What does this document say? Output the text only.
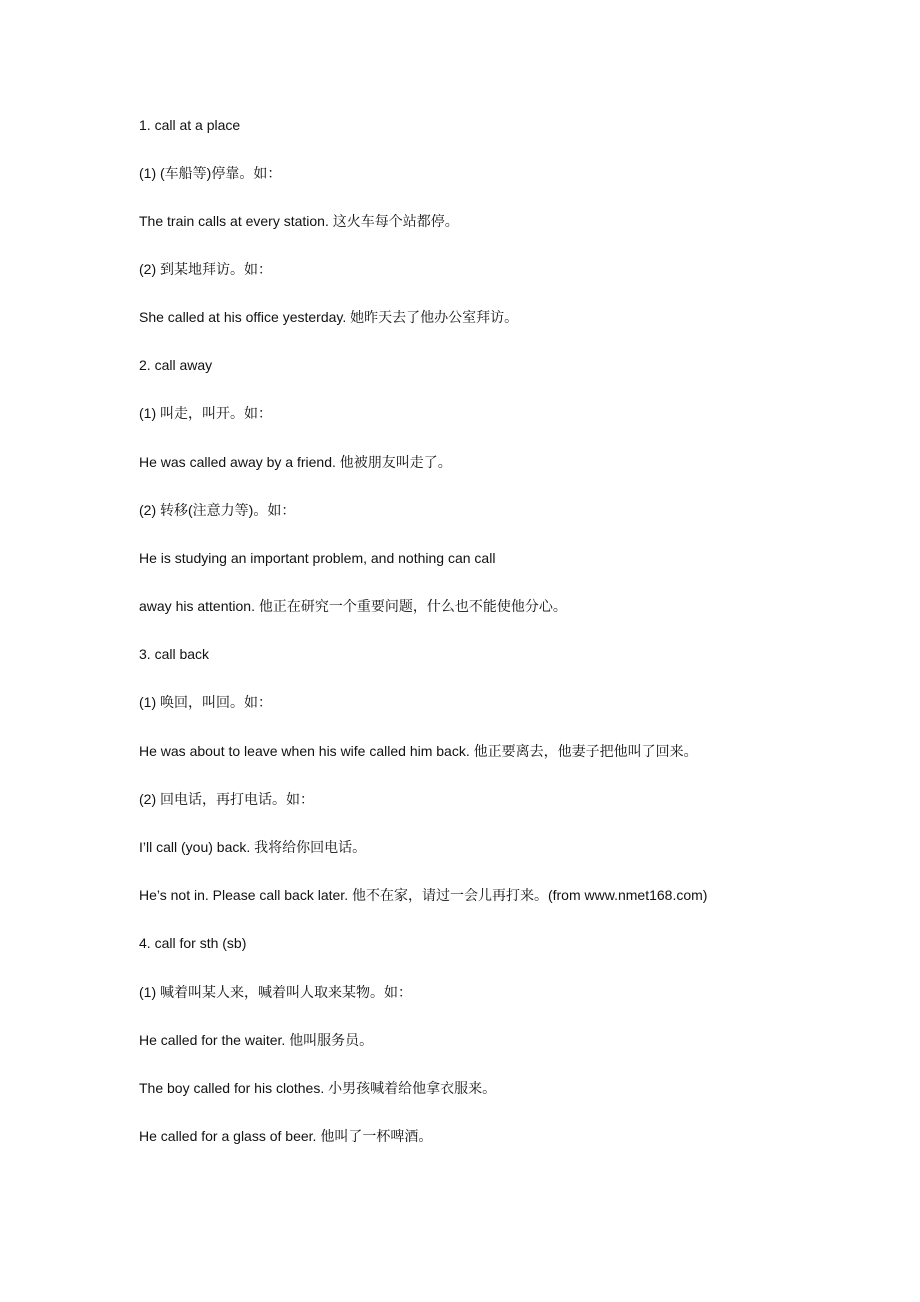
1. call at a place

(1) (车船等)停靠。如：

The train calls at every station. 这火车每个站都停。

(2) 到某地拜访。如：

She called at his office yesterday. 她昨天去了他办公室拜访。

2. call away

(1) 叫走，叫开。如：

He was called away by a friend. 他被朋友叫走了。

(2) 转移(注意力等)。如：

He is studying an important problem, and nothing can call

away his attention. 他正在研究一个重要问题，什么也不能使他分心。

3. call back

(1) 唤回，叫回。如：

He was about to leave when his wife called him back. 他正要离去，他妻子把他叫了回来。

(2) 回电话，再打电话。如：

I’ll call (you) back. 我将给你回电话。

He’s not in. Please call back later. 他不在家，请过一会儿再打来。(from www.nmet168.com)

4. call for sth (sb)

(1) 喊着叫某人来，喊着叫人取来某物。如：

He called for the waiter. 他叫服务员。

The boy called for his clothes. 小男孩喊着给他拿衣服来。

He called for a glass of beer. 他叫了一杯啤酒。
